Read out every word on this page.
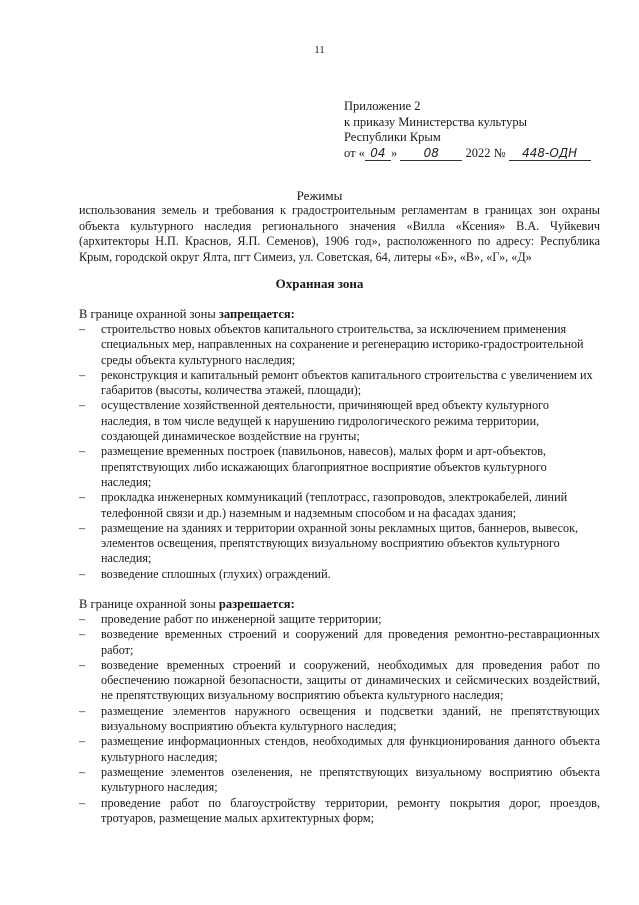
11
Приложение 2
к приказу Министерства культуры
Республики Крым
от « 04 » 08 2022 № 448-ОДН
Режимы
использования земель и требования к градостроительным регламентам в границах зон охраны объекта культурного наследия регионального значения «Вилла «Ксения» В.А. Чуйкевич (архитекторы Н.П. Краснов, Я.П. Семенов), 1906 год», расположенного по адресу: Республика Крым, городской округ Ялта, пгт Симеиз, ул. Советская, 64, литеры «Б», «В», «Г», «Д»
Охранная зона
В границе охранной зоны запрещается:
– строительство новых объектов капитального строительства, за исключением применения специальных мер, направленных на сохранение и регенерацию историко-градостроительной среды объекта культурного наследия;
– реконструкция и капитальный ремонт объектов капитального строительства с увеличением их габаритов (высоты, количества этажей, площади);
– осуществление хозяйственной деятельности, причиняющей вред объекту культурного наследия, в том числе ведущей к нарушению гидрологического режима территории, создающей динамическое воздействие на грунты;
– размещение временных построек (павильонов, навесов), малых форм и арт-объектов, препятствующих либо искажающих благоприятное восприятие объектов культурного наследия;
– прокладка инженерных коммуникаций (теплотрасс, газопроводов, электрокабелей, линий телефонной связи и др.) наземным и надземным способом и на фасадах здания;
– размещение на зданиях и территории охранной зоны рекламных щитов, баннеров, вывесок, элементов освещения, препятствующих визуальному восприятию объектов культурного наследия;
– возведение сплошных (глухих) ограждений.
В границе охранной зоны разрешается:
– проведение работ по инженерной защите территории;
– возведение временных строений и сооружений для проведения ремонтно-реставрационных работ;
– возведение временных строений и сооружений, необходимых для проведения работ по обеспечению пожарной безопасности, защиты от динамических и сейсмических воздействий, не препятствующих визуальному восприятию объекта культурного наследия;
– размещение элементов наружного освещения и подсветки зданий, не препятствующих визуальному восприятию объекта культурного наследия;
– размещение информационных стендов, необходимых для функционирования данного объекта культурного наследия;
– размещение элементов озеленения, не препятствующих визуальному восприятию объекта культурного наследия;
– проведение работ по благоустройству территории, ремонту покрытия дорог, проездов, тротуаров, размещение малых архитектурных форм;
